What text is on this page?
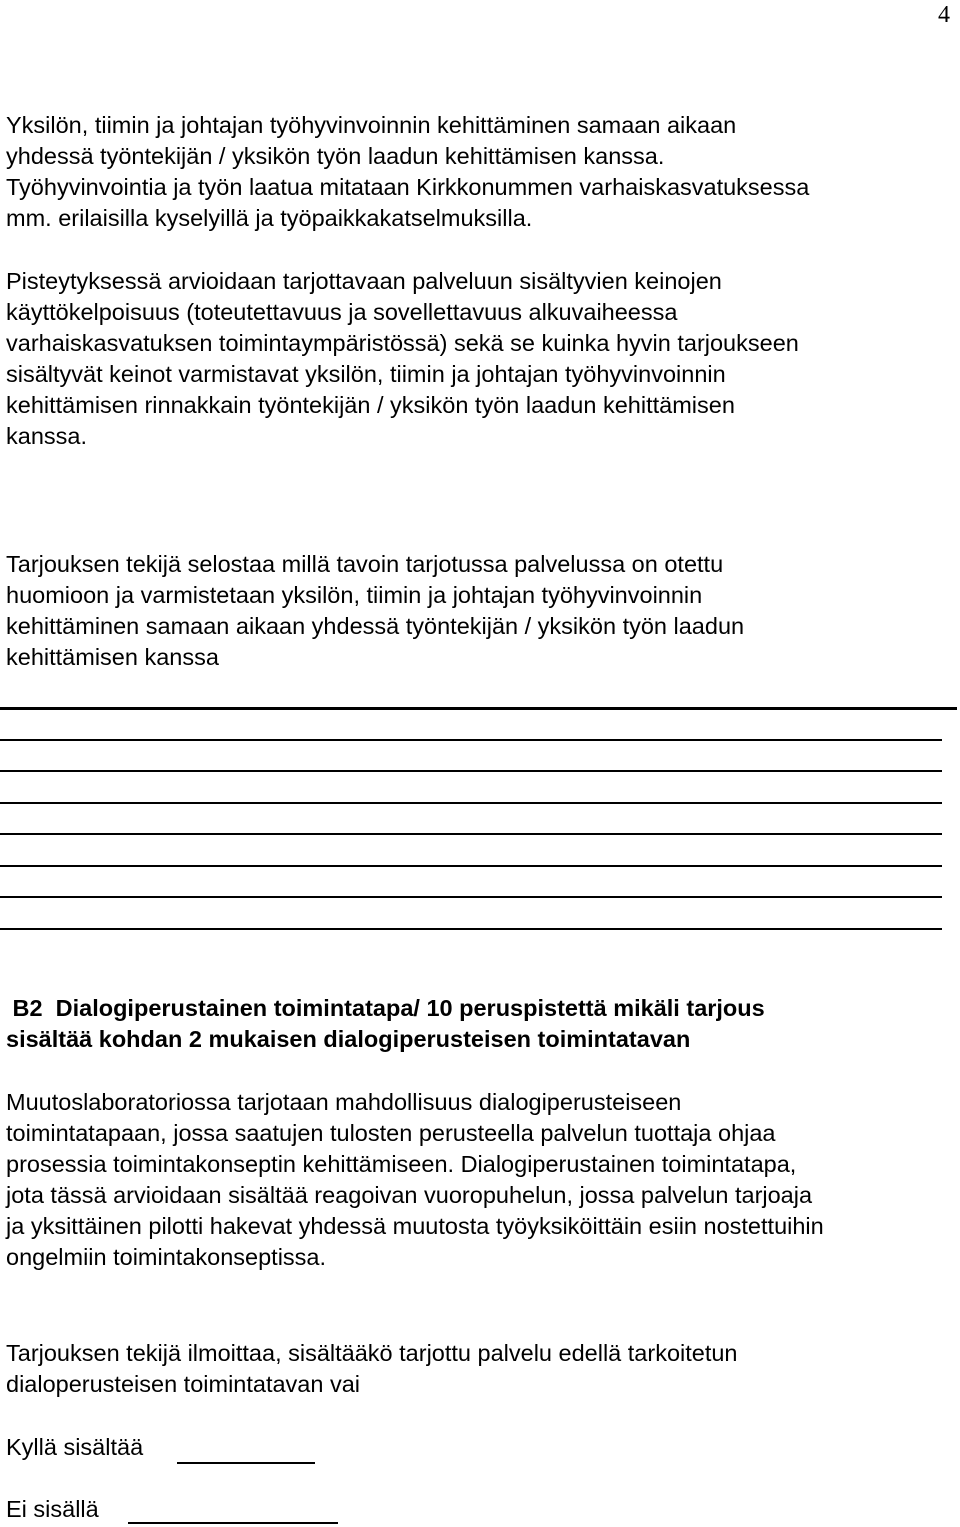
4
Yksilön, tiimin ja johtajan työhyvinvoinnin kehittäminen samaan aikaan
yhdessä työntekijän / yksikön työn laadun kehittämisen kanssa.
Työhyvinvointia ja työn laatua mitataan Kirkkonummen varhaiskasvatuksessa
mm. erilaisilla kyselyillä ja työpaikkakatselmuksilla.
Pisteytyksessä arvioidaan tarjottavaan palveluun sisältyvien keinojen
käyttökelpoisuus (toteutettavuus ja sovellettavuus alkuvaiheessa
varhaiskasvatuksen toimintaympäristössä) sekä se kuinka hyvin tarjoukseen
sisältyvät keinot varmistavat yksilön, tiimin ja johtajan työhyvinvoinnin
kehittämisen rinnakkain työntekijän / yksikön työn laadun kehittämisen
kanssa.
Tarjouksen tekijä selostaa millä tavoin tarjotussa palvelussa on otettu
huomioon ja varmistetaan yksilön, tiimin ja johtajan työhyvinvoinnin
kehittäminen samaan aikaan yhdessä työntekijän / yksikön työn laadun
kehittämisen kanssa
B2  Dialogiperustainen toimintatapa/ 10 peruspistettä mikäli tarjous
sisältää kohdan 2 mukaisen dialogiperusteisen toimintatavan
Muutoslaboratoriossa tarjotaan mahdollisuus dialogiperusteiseen
toimintatapaan, jossa saatujen tulosten perusteella palvelun tuottaja ohjaa
prosessia toimintakonseptin kehittämiseen. Dialogiperustainen toimintatapa,
jota tässä arvioidaan sisältää reagoivan vuoropuhelun, jossa palvelun tarjoaja
ja yksittäinen pilotti hakevat yhdessä muutosta työyksiköittäin esiin nostettuihin
ongelmiin toimintakonseptissa.
Tarjouksen tekijä ilmoittaa, sisältääkö tarjottu palvelu edellä tarkoitetun
dialoperusteisen toimintatavan vai
Kyllä sisältää
Ei sisällä
